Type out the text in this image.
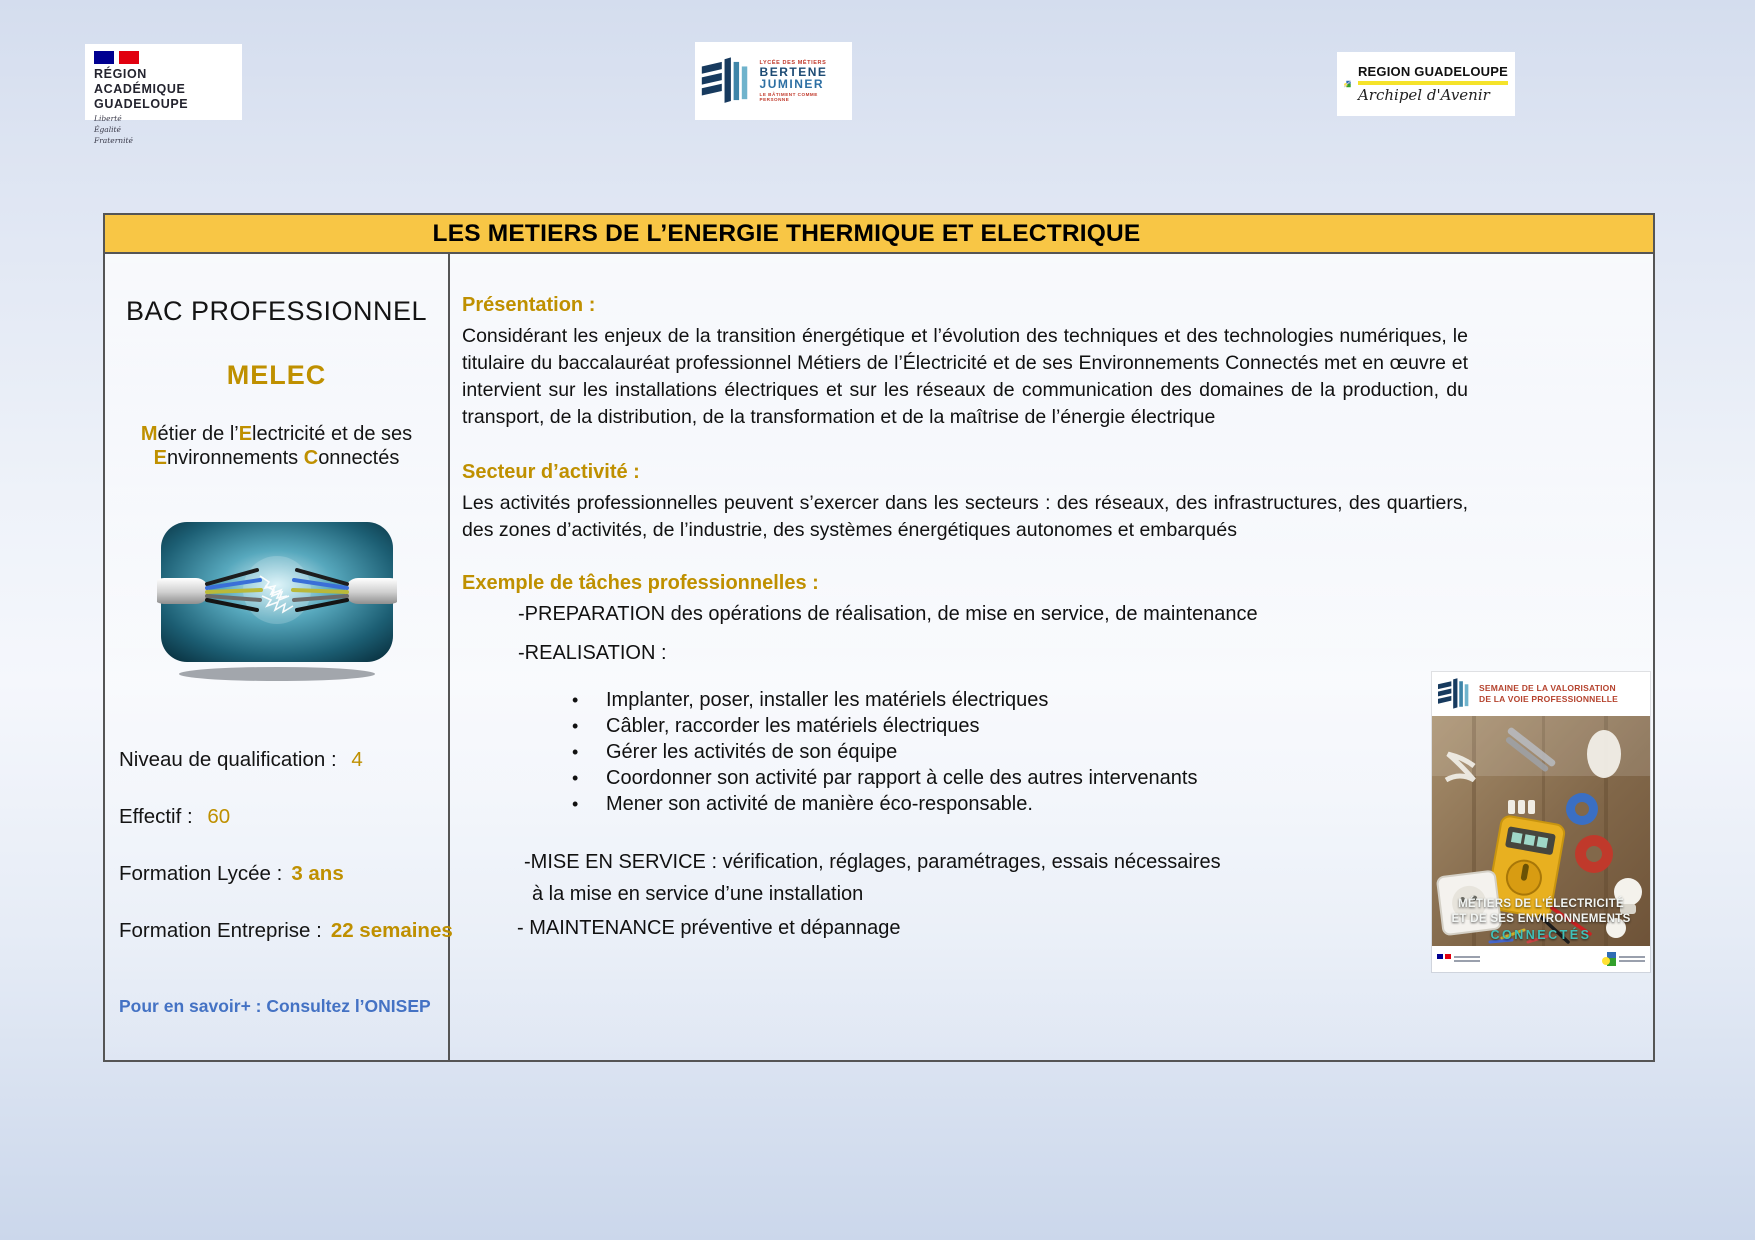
RÉGION ACADÉMIQUE
GUADELOUPE
Liberté
Égalité
Fraternité
LYCÉE DES MÉTIERS
BERTENE
JUMINER
LE BÂTIMENT COMME PERSONNE
REGION GUADELOUPE
Archipel d'Avenir
LES METIERS DE L’ENERGIE THERMIQUE ET ELECTRIQUE
BAC PROFESSIONNEL
MELEC
Métier de l’Electricité et de ses
Environnements Connectés
Niveau de qualification : 4
Effectif : 60
Formation Lycée : 3 ans
Formation Entreprise : 22 semaines
Pour en savoir+ : Consultez l’ONISEP
Présentation :
Considérant les enjeux de la transition énergétique et l’évolution des techniques et des technologies numériques, le titulaire du baccalauréat professionnel Métiers de l’Électricité et de ses Environnements Connectés met en œuvre et intervient sur les installations électriques et sur les réseaux de communication des domaines de la production, du transport, de la distribution, de la transformation et de la maîtrise de l’énergie électrique
Secteur d’activité :
Les activités professionnelles peuvent s’exercer dans les secteurs : des réseaux, des infrastructures, des quartiers, des zones d’activités, de l’industrie, des systèmes énergétiques autonomes et embarqués
Exemple de tâches professionnelles :
-PREPARATION des opérations de réalisation, de mise en service, de maintenance
-REALISATION :
•	Implanter, poser, installer les matériels électriques
•	Câbler, raccorder les matériels électriques
•	Gérer les activités de son équipe
•	Coordonner son activité par rapport à celle des autres intervenants
•	Mener son activité de manière éco-responsable.
-MISE EN SERVICE : vérification, réglages, paramétrages, essais nécessaires
à la mise en service d’une installation
- MAINTENANCE préventive et dépannage
SEMAINE DE LA VALORISATION
DE LA VOIE PROFESSIONNELLE
MÉTIERS DE L'ÉLECTRICITÉ
ET DE SES ENVIRONNEMENTS
CONNECTÉS
